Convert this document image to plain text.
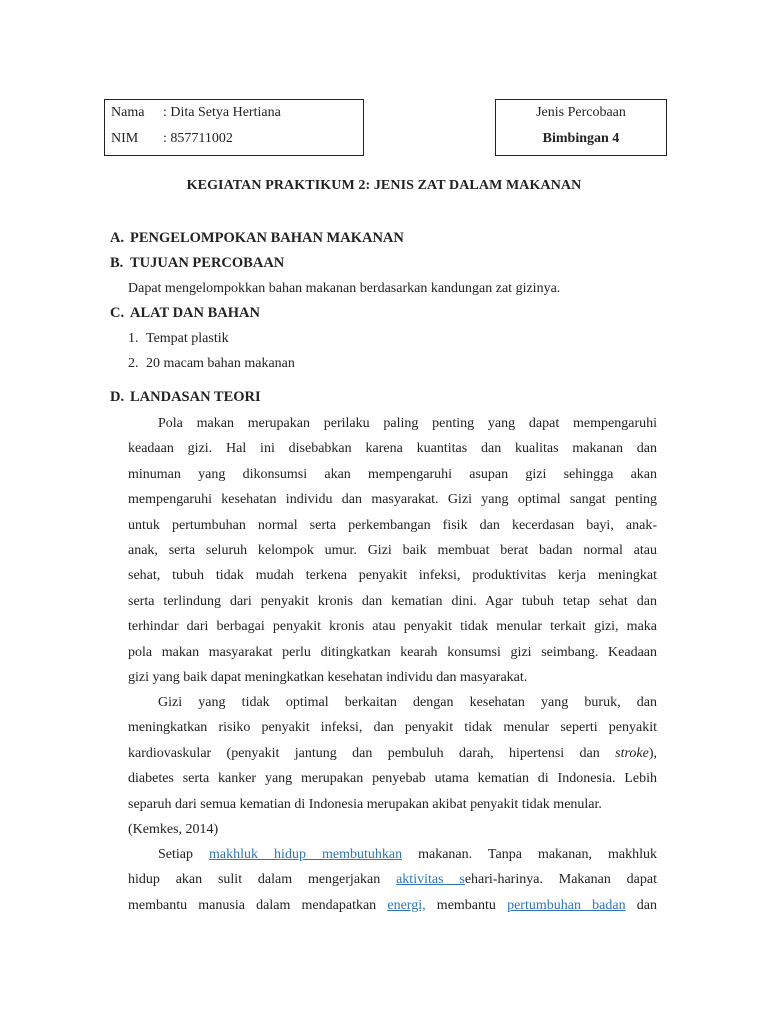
Nama : Dita Setya Hertiana
NIM : 857711002
Jenis Percobaan
Bimbingan 4
KEGIATAN PRAKTIKUM 2: JENIS ZAT DALAM MAKANAN
A. PENGELOMPOKAN BAHAN MAKANAN
B. TUJUAN PERCOBAAN
Dapat mengelompokkan bahan makanan berdasarkan kandungan zat gizinya.
C. ALAT DAN BAHAN
1. Tempat plastik
2. 20 macam bahan makanan
D. LANDASAN TEORI
Pola makan merupakan perilaku paling penting yang dapat mempengaruhi
keadaan gizi. Hal ini disebabkan karena kuantitas dan kualitas makanan dan
minuman yang dikonsumsi akan mempengaruhi asupan gizi sehingga akan
mempengaruhi kesehatan individu dan masyarakat. Gizi yang optimal sangat penting
untuk pertumbuhan normal serta perkembangan fisik dan kecerdasan bayi, anak-
anak, serta seluruh kelompok umur. Gizi baik membuat berat badan normal atau
sehat, tubuh tidak mudah terkena penyakit infeksi, produktivitas kerja meningkat
serta terlindung dari penyakit kronis dan kematian dini. Agar tubuh tetap sehat dan
terhindar dari berbagai penyakit kronis atau penyakit tidak menular terkait gizi, maka
pola makan masyarakat perlu ditingkatkan kearah konsumsi gizi seimbang. Keadaan
gizi yang baik dapat meningkatkan kesehatan individu dan masyarakat.
Gizi yang tidak optimal berkaitan dengan kesehatan yang buruk, dan
meningkatkan risiko penyakit infeksi, dan penyakit tidak menular seperti penyakit
kardiovaskular (penyakit jantung dan pembuluh darah, hipertensi dan stroke),
diabetes serta kanker yang merupakan penyebab utama kematian di Indonesia. Lebih
separuh dari semua kematian di Indonesia merupakan akibat penyakit tidak menular.
(Kemkes, 2014)
Setiap makhluk hidup membutuhkan makanan. Tanpa makanan, makhluk
hidup akan sulit dalam mengerjakan aktivitas sehari-harinya. Makanan dapat
membantu manusia dalam mendapatkan energi, membantu pertumbuhan badan dan
